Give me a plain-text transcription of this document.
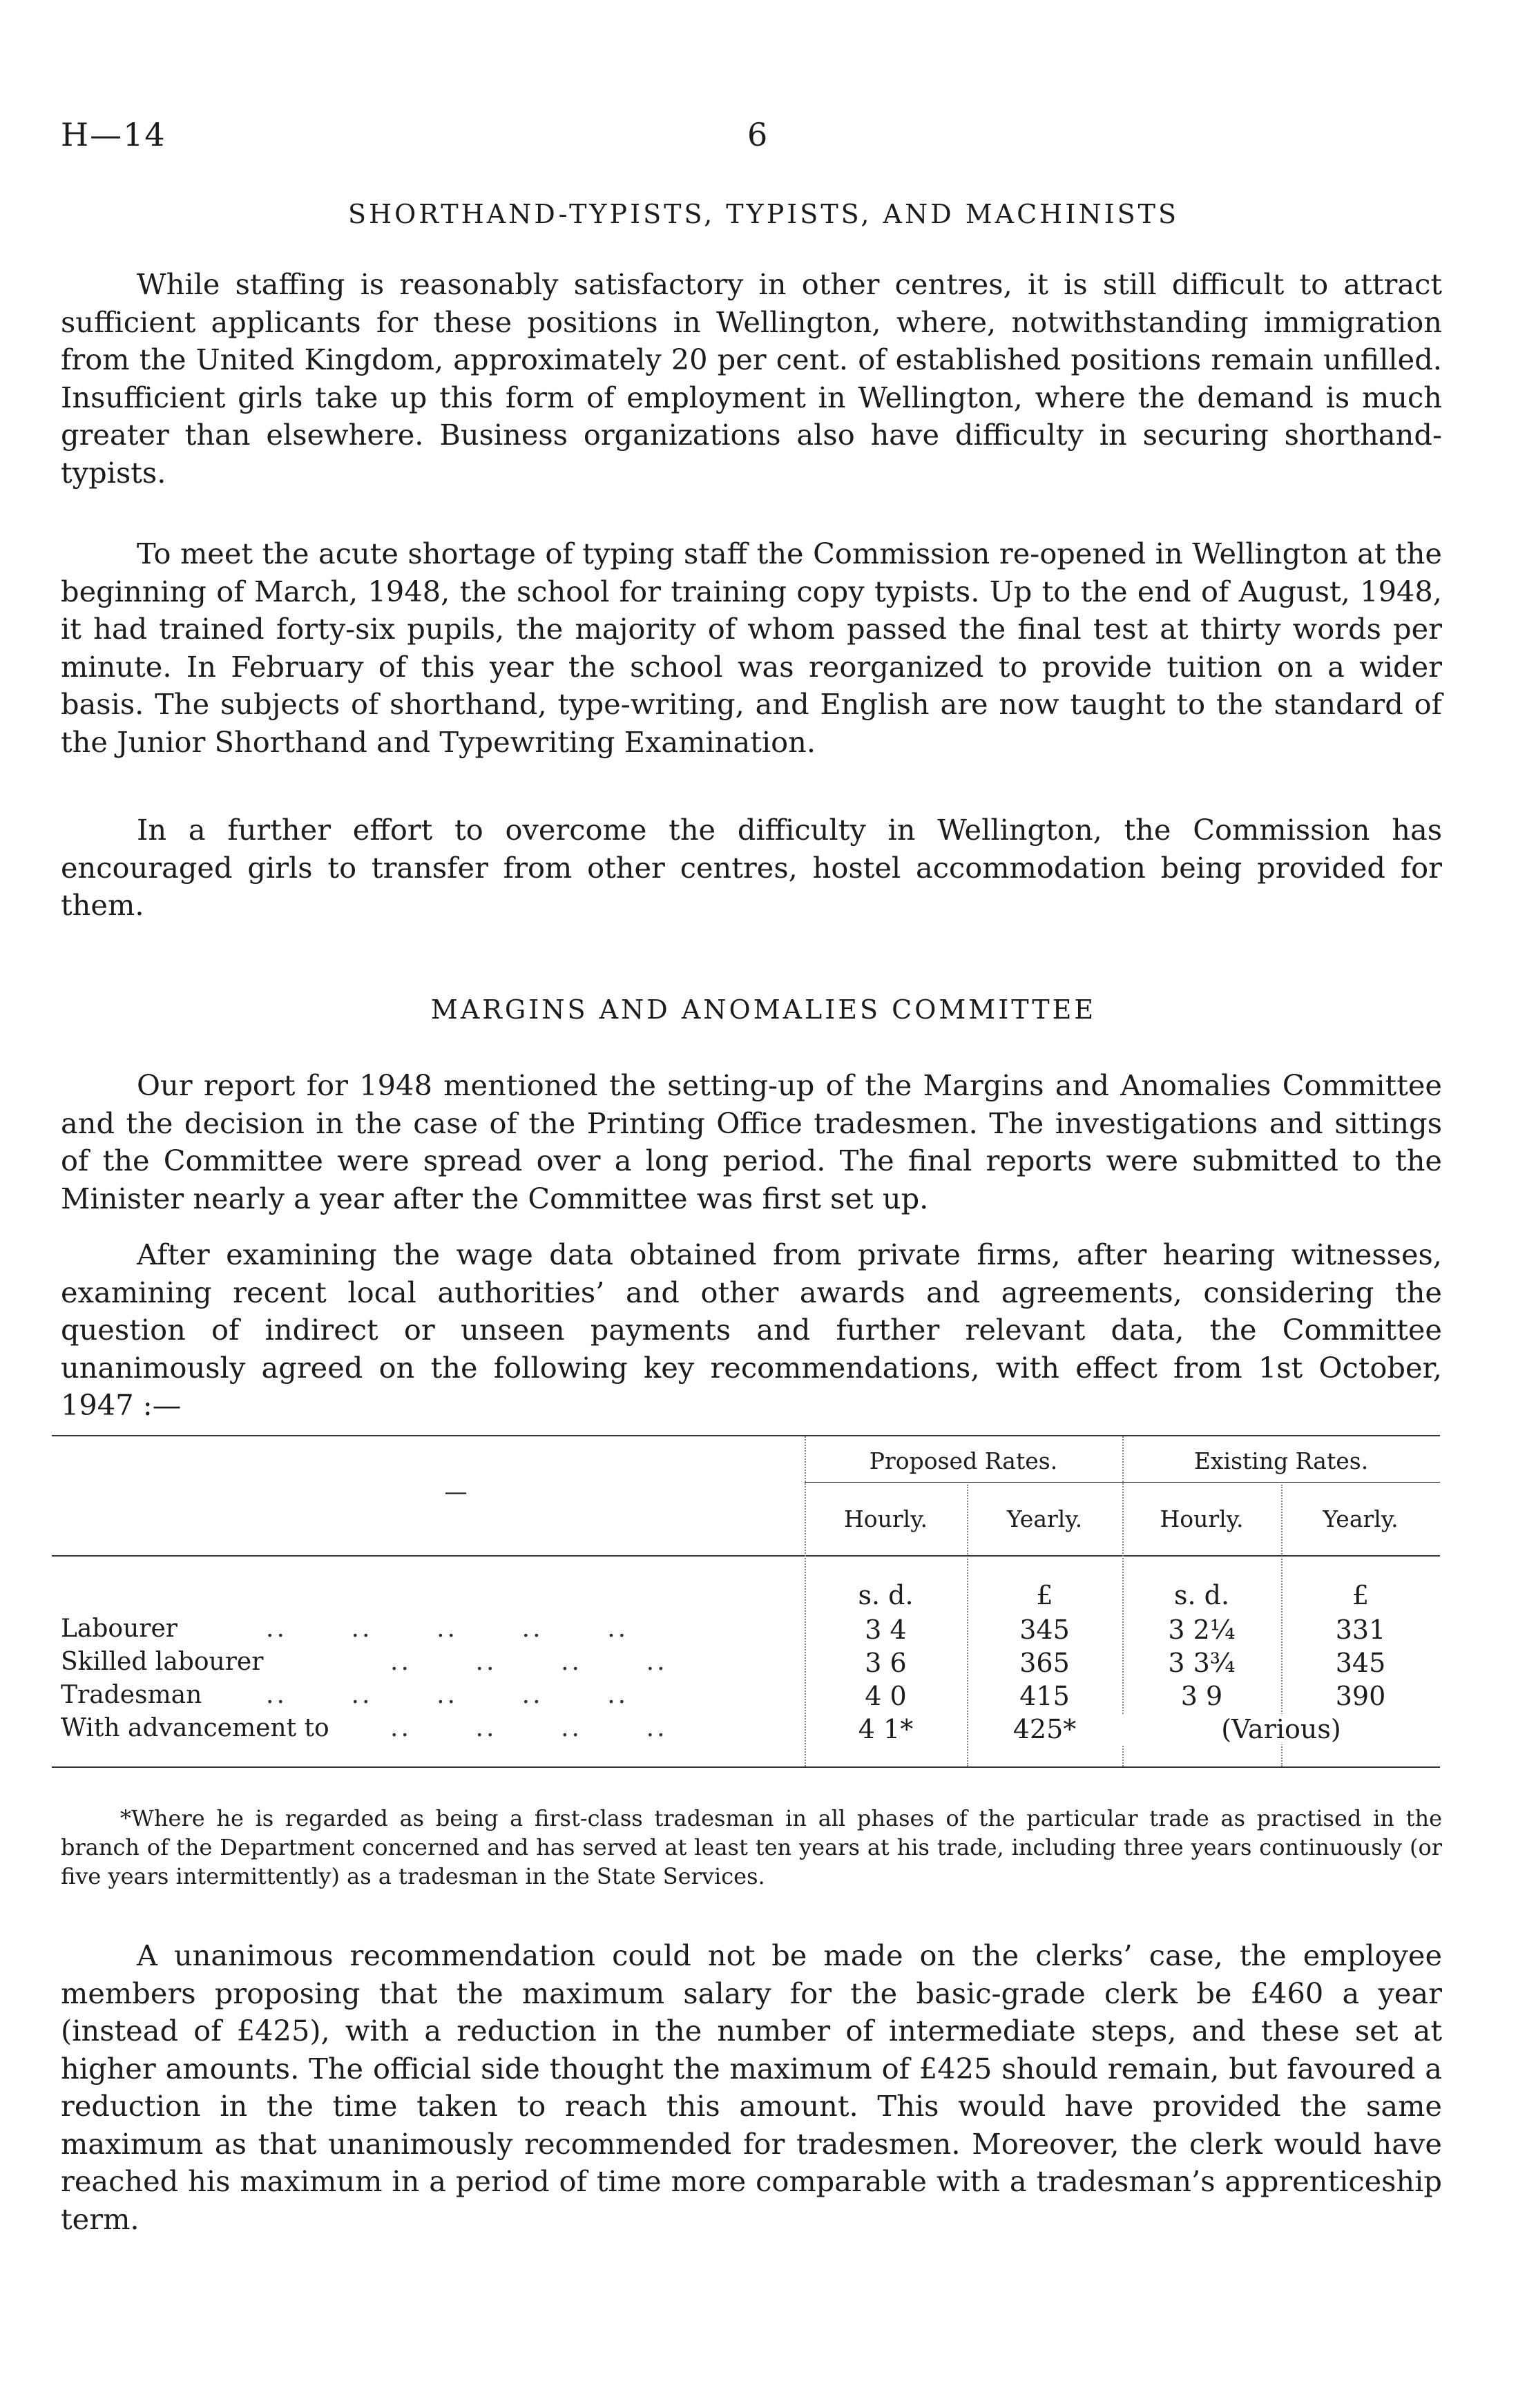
H—14	6
SHORTHAND-TYPISTS, TYPISTS, AND MACHINISTS

While staffing is reasonably satisfactory in other centres, it is still difficult to attract sufficient applicants for these positions in Wellington, where, notwithstanding immigration from the United Kingdom, approximately 20 per cent. of established positions remain unfilled. Insufficient girls take up this form of employment in Wellington, where the demand is much greater than elsewhere. Business organizations also have difficulty in securing shorthand-typists.

To meet the acute shortage of typing staff the Commission re-opened in Wellington at the beginning of March, 1948, the school for training copy typists. Up to the end of August, 1948, it had trained forty-six pupils, the majority of whom passed the final test at thirty words per minute. In February of this year the school was reorganized to provide tuition on a wider basis. The subjects of shorthand, type-writing, and English are now taught to the standard of the Junior Shorthand and Typewriting Examination.

In a further effort to overcome the difficulty in Wellington, the Commission has encouraged girls to transfer from other centres, hostel accommodation being provided for them.

MARGINS AND ANOMALIES COMMITTEE

Our report for 1948 mentioned the setting-up of the Margins and Anomalies Committee and the decision in the case of the Printing Office tradesmen. The investigations and sittings of the Committee were spread over a long period. The final reports were submitted to the Minister nearly a year after the Committee was first set up.

After examining the wage data obtained from private firms, after hearing witnesses, examining recent local authorities’ and other awards and agreements, considering the question of indirect or unseen payments and further relevant data, the Committee unanimously agreed on the following key recommendations, with effect from 1st October, 1947 :—

—
Proposed Rates.	Existing Rates.
Hourly.	Yearly.	Hourly.	Yearly.
s. d.	£	s. d.	£
Labourer	..      ..      ..      ..      ..	3 4	345	3 2¼	331
Skilled labourer	..      ..      ..      ..	3 6	365	3 3¾	345
Tradesman	..      ..      ..      ..      ..	4 0	415	3 9	390
With advancement to ..      ..      ..      ..	4 1*	425*	(Various)

*Where he is regarded as being a first-class tradesman in all phases of the particular trade as practised in the branch of the Department concerned and has served at least ten years at his trade, including three years continuously (or five years intermittently) as a tradesman in the State Services.

A unanimous recommendation could not be made on the clerks’ case, the employee members proposing that the maximum salary for the basic-grade clerk be £460 a year (instead of £425), with a reduction in the number of intermediate steps, and these set at higher amounts. The official side thought the maximum of £425 should remain, but favoured a reduction in the time taken to reach this amount. This would have provided the same maximum as that unanimously recommended for tradesmen. Moreover, the clerk would have reached his maximum in a period of time more comparable with a tradesman’s apprenticeship term.
